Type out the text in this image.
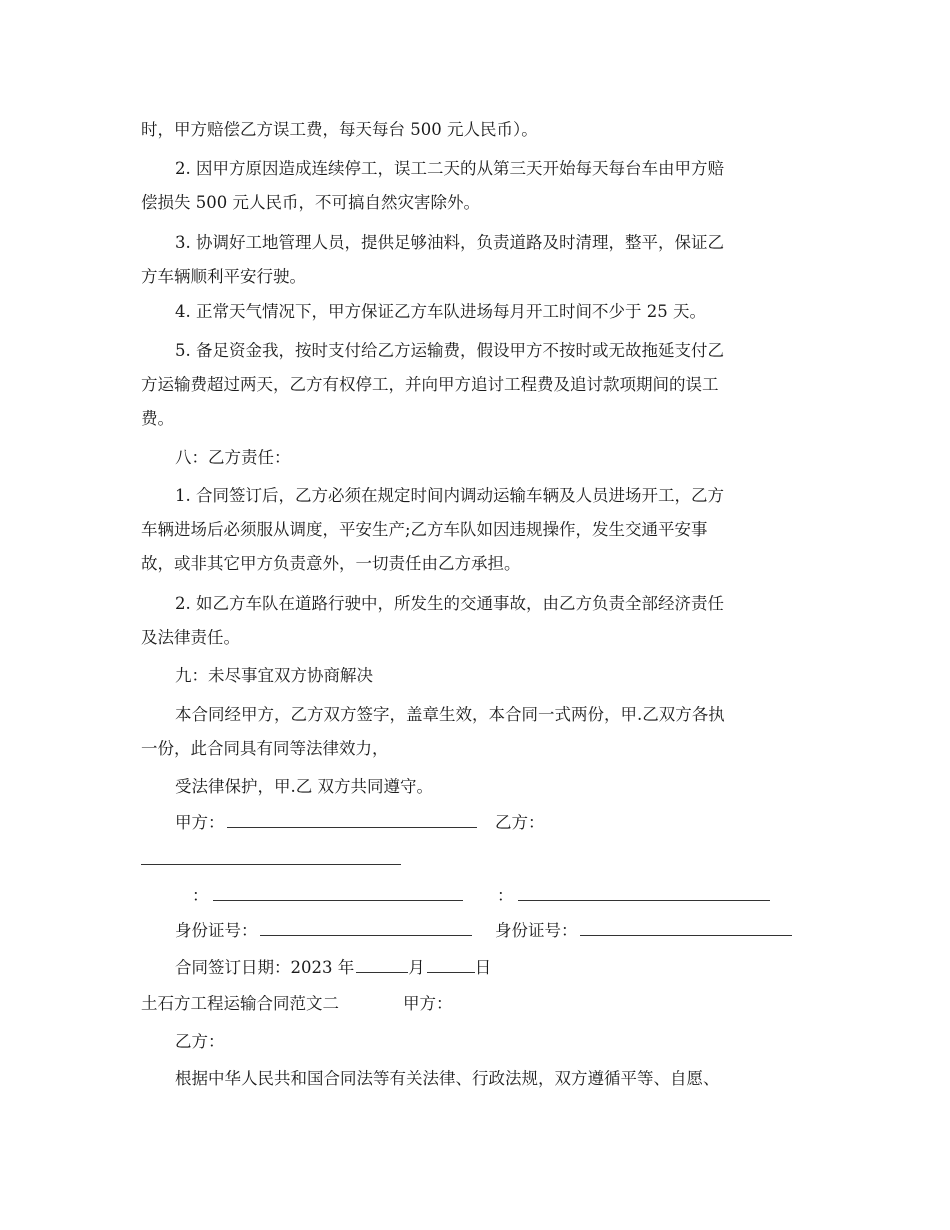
时，甲方赔偿乙方误工费，每天每台 500 元人民币）。
2. 因甲方原因造成连续停工，误工二天的从第三天开始每天每台车由甲方赔
偿损失 500 元人民币，不可搞自然灾害除外。
3. 协调好工地管理人员，提供足够油料，负责道路及时清理，整平，保证乙
方车辆顺利平安行驶。
4. 正常天气情况下，甲方保证乙方车队进场每月开工时间不少于 25 天。
5. 备足资金我，按时支付给乙方运输费，假设甲方不按时或无故拖延支付乙
方运输费超过两天，乙方有权停工，并向甲方追讨工程费及追讨款项期间的误工
费。
八：乙方责任：
1. 合同签订后，乙方必须在规定时间内调动运输车辆及人员进场开工，乙方
车辆进场后必须服从调度，平安生产;乙方车队如因违规操作，发生交通平安事
故，或非其它甲方负责意外，一切责任由乙方承担。
2. 如乙方车队在道路行驶中，所发生的交通事故，由乙方负责全部经济责任
及法律责任。
九：未尽事宜双方协商解决
本合同经甲方，乙方双方签字，盖章生效，本合同一式两份，甲.乙双方各执
一份，此合同具有同等法律效力，
受法律保护，甲.乙 双方共同遵守。
甲方：	乙方：
：	：
身份证号：	身份证号：
合同签订日期：2023 年	月	日
土石方工程运输合同范文二	甲方：
乙方：
根据中华人民共和国合同法等有关法律、行政法规，双方遵循平等、自愿、
